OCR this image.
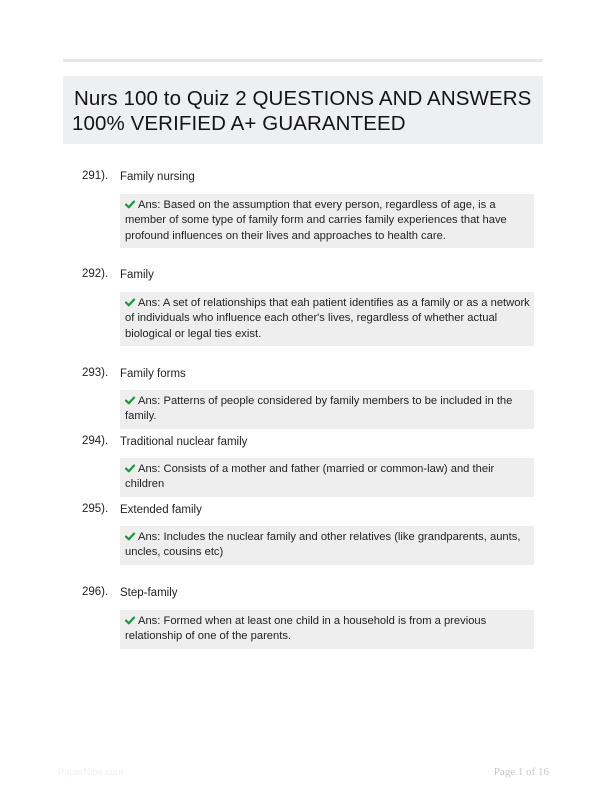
Nurs 100 to Quiz 2 QUESTIONS AND ANSWERS
100% VERIFIED A+ GUARANTEED
291). Family nursing
Ans: Based on the assumption that every person, regardless of age, is a member of some type of family form and carries family experiences that have profound influences on their lives and approaches to health care.
292). Family
Ans: A set of relationships that eah patient identifies as a family or as a network of individuals who influence each other's lives, regardless of whether actual biological or legal ties exist.
293). Family forms
Ans: Patterns of people considered by family members to be included in the family.
294). Traditional nuclear family
Ans: Consists of a mother and father (married or common-law) and their children
295). Extended family
Ans: Includes the nuclear family and other relatives (like grandparents, aunts, uncles, cousins etc)
296). Step-family
Ans: Formed when at least one child in a household is from a previous relationship of one of the parents.
PaperNibe.com	Page 1 of 16
